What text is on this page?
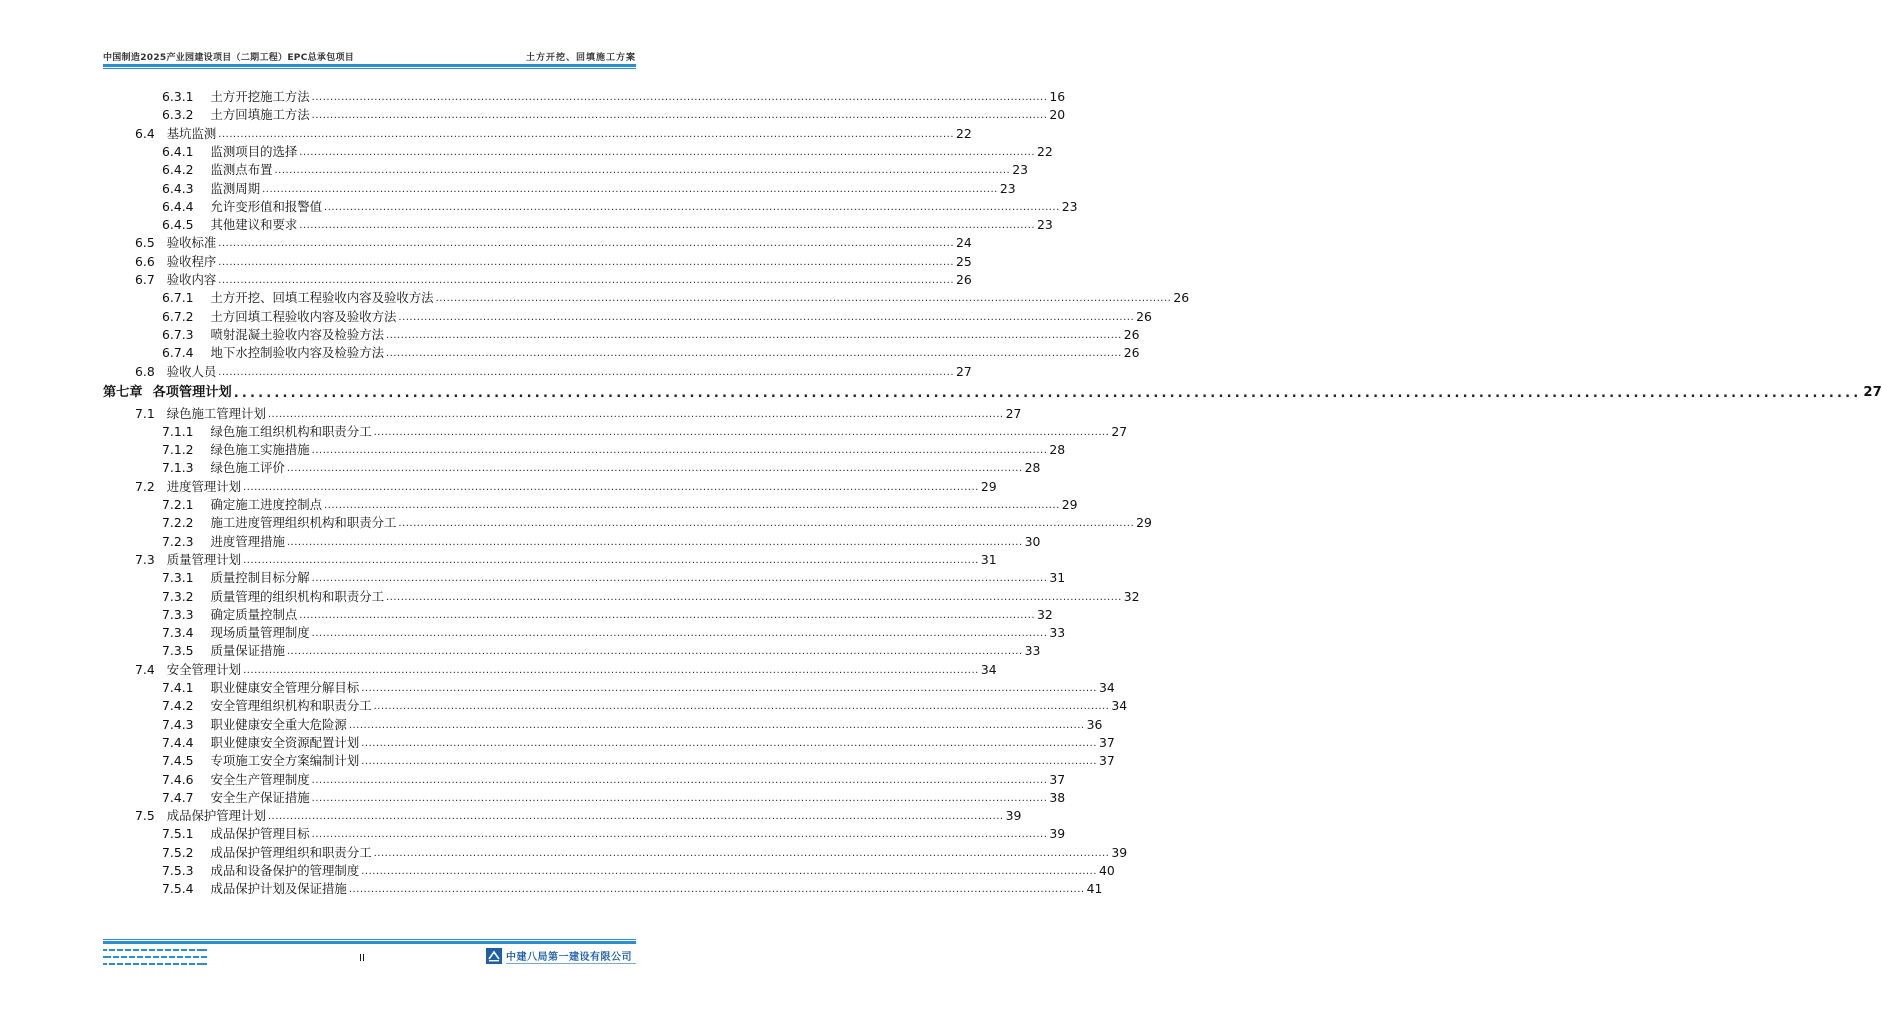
中国制造2025产业园建设项目（二期工程）EPC总承包项目	土方开挖、回填施工方案
6.3.1 土方开挖施工方法 ........................................................................................................................................................................................................ 16
6.3.2 土方回填施工方法 ........................................................................................................................................................................................................ 20
6.4 基坑监测 ........................................................................................................................................................................................................ 22
6.4.1 监测项目的选择 ........................................................................................................................................................................................................ 22
6.4.2 监测点布置 ........................................................................................................................................................................................................ 23
6.4.3 监测周期 ........................................................................................................................................................................................................ 23
6.4.4 允许变形值和报警值 ........................................................................................................................................................................................................ 23
6.4.5 其他建议和要求 ........................................................................................................................................................................................................ 23
6.5 验收标准 ........................................................................................................................................................................................................ 24
6.6 验收程序 ........................................................................................................................................................................................................ 25
6.7 验收内容 ........................................................................................................................................................................................................ 26
6.7.1 土方开挖、回填工程验收内容及验收方法 ........................................................................................................................................................................................................ 26
6.7.2 土方回填工程验收内容及验收方法 ........................................................................................................................................................................................................ 26
6.7.3 喷射混凝土验收内容及检验方法 ........................................................................................................................................................................................................ 26
6.7.4 地下水控制验收内容及检验方法 ........................................................................................................................................................................................................ 26
6.8 验收人员 ........................................................................................................................................................................................................ 27
第七章 各项管理计划 ........................................................................................................................................................................................................ 27
7.1 绿色施工管理计划 ........................................................................................................................................................................................................ 27
7.1.1 绿色施工组织机构和职责分工 ........................................................................................................................................................................................................ 27
7.1.2 绿色施工实施措施 ........................................................................................................................................................................................................ 28
7.1.3 绿色施工评价 ........................................................................................................................................................................................................ 28
7.2 进度管理计划 ........................................................................................................................................................................................................ 29
7.2.1 确定施工进度控制点 ........................................................................................................................................................................................................ 29
7.2.2 施工进度管理组织机构和职责分工 ........................................................................................................................................................................................................ 29
7.2.3 进度管理措施 ........................................................................................................................................................................................................ 30
7.3 质量管理计划 ........................................................................................................................................................................................................ 31
7.3.1 质量控制目标分解 ........................................................................................................................................................................................................ 31
7.3.2 质量管理的组织机构和职责分工 ........................................................................................................................................................................................................ 32
7.3.3 确定质量控制点 ........................................................................................................................................................................................................ 32
7.3.4 现场质量管理制度 ........................................................................................................................................................................................................ 33
7.3.5 质量保证措施 ........................................................................................................................................................................................................ 33
7.4 安全管理计划 ........................................................................................................................................................................................................ 34
7.4.1 职业健康安全管理分解目标 ........................................................................................................................................................................................................ 34
7.4.2 安全管理组织机构和职责分工 ........................................................................................................................................................................................................ 34
7.4.3 职业健康安全重大危险源 ........................................................................................................................................................................................................ 36
7.4.4 职业健康安全资源配置计划 ........................................................................................................................................................................................................ 37
7.4.5 专项施工安全方案编制计划 ........................................................................................................................................................................................................ 37
7.4.6 安全生产管理制度 ........................................................................................................................................................................................................ 37
7.4.7 安全生产保证措施 ........................................................................................................................................................................................................ 38
7.5 成品保护管理计划 ........................................................................................................................................................................................................ 39
7.5.1 成品保护管理目标 ........................................................................................................................................................................................................ 39
7.5.2 成品保护管理组织和职责分工 ........................................................................................................................................................................................................ 39
7.5.3 成品和设备保护的管理制度 ........................................................................................................................................................................................................ 40
7.5.4 成品保护计划及保证措施 ........................................................................................................................................................................................................ 41
II	中建八局第一建设有限公司
